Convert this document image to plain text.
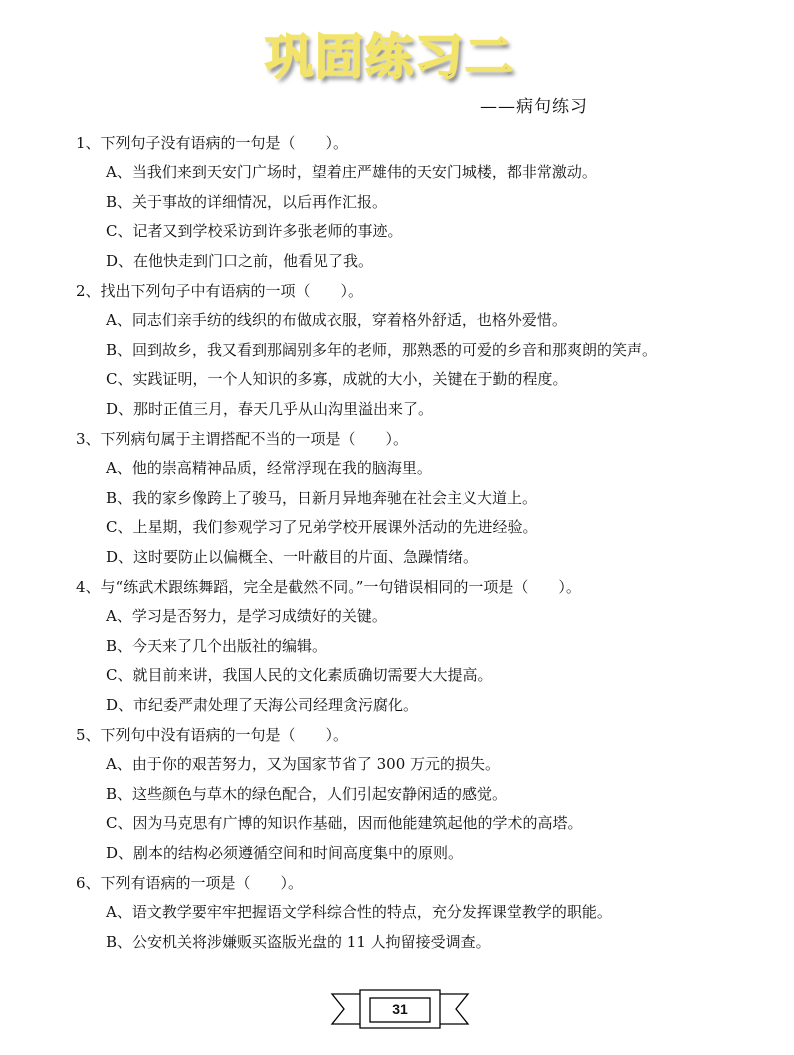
巩固练习二
——病句练习
1、下列句子没有语病的一句是（　　）。
A、当我们来到天安门广场时，望着庄严雄伟的天安门城楼，都非常激动。
B、关于事故的详细情况，以后再作汇报。
C、记者又到学校采访到许多张老师的事迹。
D、在他快走到门口之前，他看见了我。
2、找出下列句子中有语病的一项（　　）。
A、同志们亲手纺的线织的布做成衣服，穿着格外舒适，也格外爱惜。
B、回到故乡，我又看到那阔别多年的老师，那熟悉的可爱的乡音和那爽朗的笑声。
C、实践证明，一个人知识的多寡，成就的大小，关键在于勤的程度。
D、那时正值三月，春天几乎从山沟里溢出来了。
3、下列病句属于主谓搭配不当的一项是（　　）。
A、他的崇高精神品质，经常浮现在我的脑海里。
B、我的家乡像跨上了骏马，日新月异地奔驰在社会主义大道上。
C、上星期，我们参观学习了兄弟学校开展课外活动的先进经验。
D、这时要防止以偏概全、一叶蔽目的片面、急躁情绪。
4、与“练武术跟练舞蹈，完全是截然不同。”一句错误相同的一项是（　　）。
A、学习是否努力，是学习成绩好的关键。
B、今天来了几个出版社的编辑。
C、就目前来讲，我国人民的文化素质确切需要大大提高。
D、市纪委严肃处理了天海公司经理贪污腐化。
5、下列句中没有语病的一句是（　　）。
A、由于你的艰苦努力，又为国家节省了 300 万元的损失。
B、这些颜色与草木的绿色配合，人们引起安静闲适的感觉。
C、因为马克思有广博的知识作基础，因而他能建筑起他的学术的高塔。
D、剧本的结构必须遵循空间和时间高度集中的原则。
6、下列有语病的一项是（　　）。
A、语文教学要牢牢把握语文学科综合性的特点，充分发挥课堂教学的职能。
B、公安机关将涉嫌贩买盗版光盘的 11 人拘留接受调查。
31
